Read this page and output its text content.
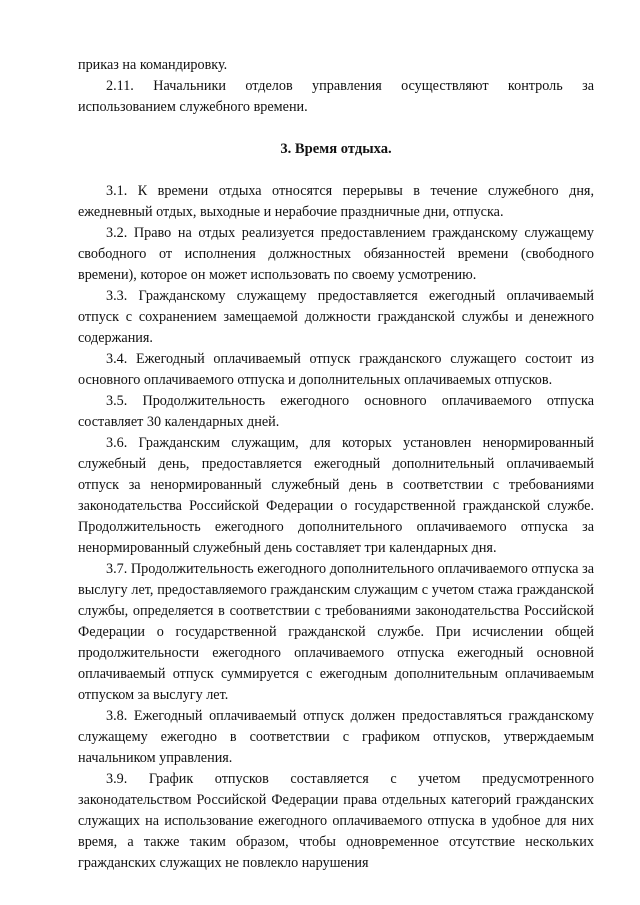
приказ на командировку.

2.11. Начальники отделов управления осуществляют контроль за использованием служебного времени.

3. Время отдыха.

3.1. К времени отдыха относятся перерывы в течение служебного дня, ежедневный отдых, выходные и нерабочие праздничные дни, отпуска.

3.2. Право на отдых реализуется предоставлением гражданскому служащему свободного от исполнения должностных обязанностей времени (свободного времени), которое он может использовать по своему усмотрению.

3.3. Гражданскому служащему предоставляется ежегодный оплачиваемый отпуск с сохранением замещаемой должности гражданской службы и денежного содержания.

3.4. Ежегодный оплачиваемый отпуск гражданского служащего состоит из основного оплачиваемого отпуска и дополнительных оплачиваемых отпусков.

3.5. Продолжительность ежегодного основного оплачиваемого отпуска составляет 30 календарных дней.

3.6. Гражданским служащим, для которых установлен ненормированный служебный день, предоставляется ежегодный дополнительный оплачиваемый отпуск за ненормированный служебный день в соответствии с требованиями законодательства Российской Федерации о государственной гражданской службе. Продолжительность ежегодного дополнительного оплачиваемого отпуска за ненормированный служебный день составляет три календарных дня.

3.7. Продолжительность ежегодного дополнительного оплачиваемого отпуска за выслугу лет, предоставляемого гражданским служащим с учетом стажа гражданской службы, определяется в соответствии с требованиями законодательства Российской Федерации о государственной гражданской службе. При исчислении общей продолжительности ежегодного оплачиваемого отпуска ежегодный основной оплачиваемый отпуск суммируется с ежегодным дополнительным оплачиваемым отпуском за выслугу лет.

3.8. Ежегодный оплачиваемый отпуск должен предоставляться гражданскому служащему ежегодно в соответствии с графиком отпусков, утверждаемым начальником управления.

3.9. График отпусков составляется с учетом предусмотренного законодательством Российской Федерации права отдельных категорий гражданских служащих на использование ежегодного оплачиваемого отпуска в удобное для них время, а также таким образом, чтобы одновременное отсутствие нескольких гражданских служащих не повлекло нарушения
